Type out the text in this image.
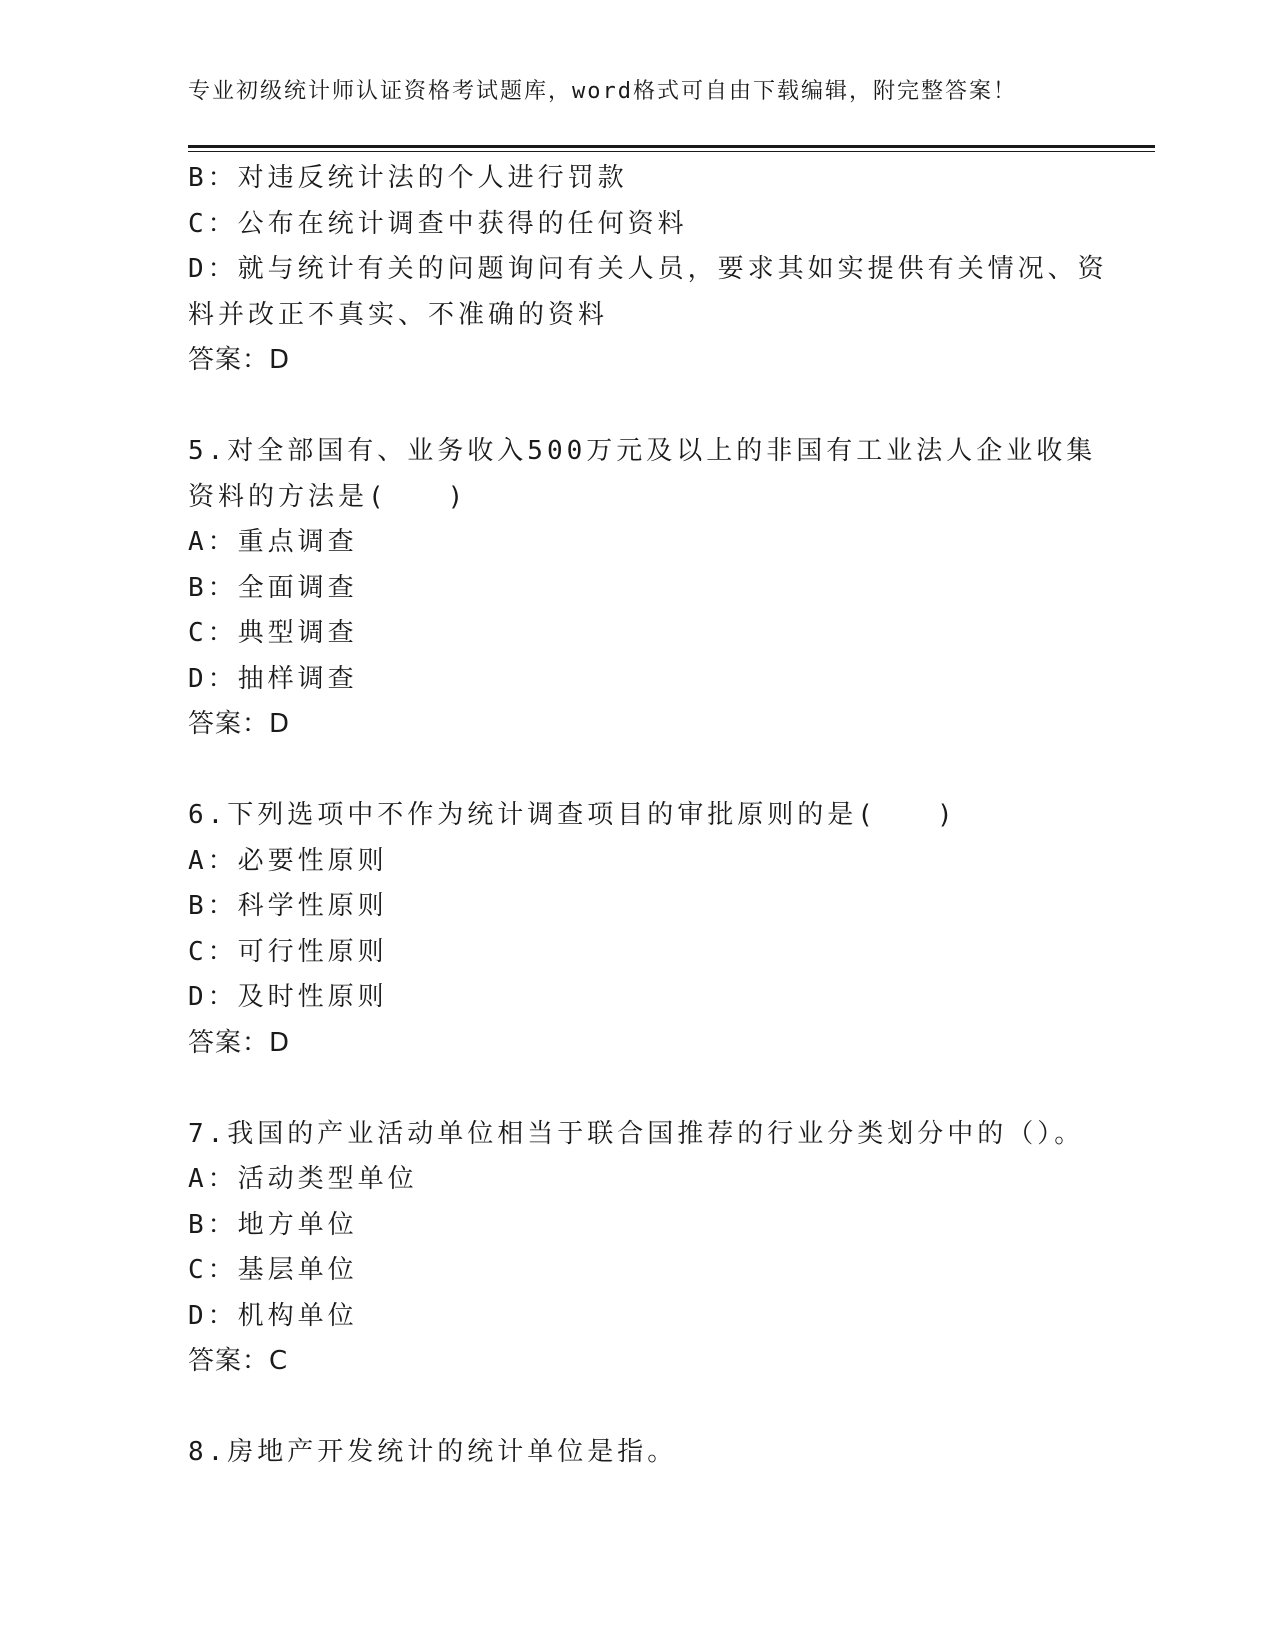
专业初级统计师认证资格考试题库，word格式可自由下载编辑，附完整答案！
B：对违反统计法的个人进行罚款
C：公布在统计调查中获得的任何资料
D：就与统计有关的问题询问有关人员，要求其如实提供有关情况、资
料并改正不真实、不准确的资料
答案：D
5.对全部国有、业务收入500万元及以上的非国有工业法人企业收集
资料的方法是(　　)
A：重点调查
B：全面调查
C：典型调查
D：抽样调查
答案：D
6.下列选项中不作为统计调查项目的审批原则的是(　　)
A：必要性原则
B：科学性原则
C：可行性原则
D：及时性原则
答案：D
7.我国的产业活动单位相当于联合国推荐的行业分类划分中的（）。
A：活动类型单位
B：地方单位
C：基层单位
D：机构单位
答案：C
8.房地产开发统计的统计单位是指。
